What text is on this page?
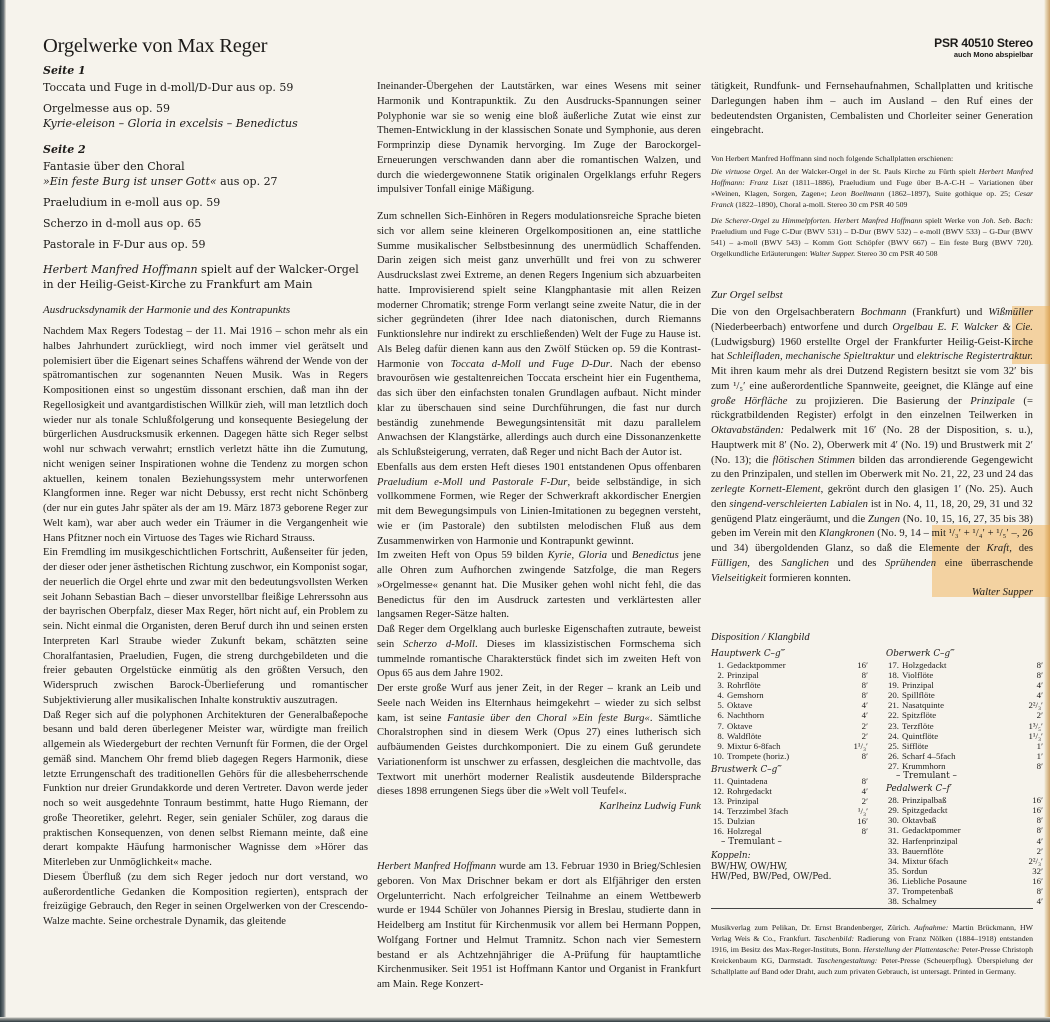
Orgelwerke von Max Reger
Seite 1
Toccata und Fuge in d-moll/D-Dur aus op. 59
Orgelmesse aus op. 59
Kyrie-eleison – Gloria in excelsis – Benedictus
Seite 2
Fantasie über den Choral
»Ein feste Burg ist unser Gott« aus op. 27
Praeludium in e-moll aus op. 59
Scherzo in d-moll aus op. 65
Pastorale in F-Dur aus op. 59
Herbert Manfred Hoffmann spielt auf der Walcker-Orgel in der Heilig-Geist-Kirche zu Frankfurt am Main
Ausdrucksdynamik der Harmonie und des Kontrapunkts

Nachdem Max Regers Todestag – der 11. Mai 1916 – schon mehr als ein halbes Jahrhundert zurückliegt, wird noch immer viel gerätselt und polemisiert über die Eigenart seines Schaffens während der Wende von der spätromantischen zur sogenannten Neuen Musik. Was in Regers Kompositionen einst so ungestüm dissonant erschien, daß man ihn der Regellosigkeit und avantgardistischen Willkür zieh, will man letztlich doch wieder nur als tonale Schlußfolgerung und konsequente Besiegelung der bürgerlichen Ausdrucksmusik erkennen. Dagegen hätte sich Reger selbst wohl nur schwach verwahrt; ernstlich verletzt hätte ihn die Zumutung, nicht wenigen seiner Inspirationen wohne die Tendenz zu morgen schon aktuellen, keinem tonalen Beziehungssystem mehr unterworfenen Klangformen inne. Reger war nicht Debussy, erst recht nicht Schönberg (der nur ein gutes Jahr später als der am 19. März 1873 geborene Reger zur Welt kam), war aber auch weder ein Träumer in die Vergangenheit wie Hans Pfitzner noch ein Virtuose des Tages wie Richard Strauss.

Ein Fremdling im musikgeschichtlichen Fortschritt, Außenseiter für jeden, der dieser oder jener ästhetischen Richtung zuschwor, ein Komponist sogar, der neuerlich die Orgel ehrte und zwar mit den bedeutungsvollsten Werken seit Johann Sebastian Bach – dieser unvorstellbar fleißige Lehrerssohn aus der bayrischen Oberpfalz, dieser Max Reger, hört nicht auf, ein Problem zu sein. Nicht einmal die Organisten, deren Beruf durch ihn und seinen ersten Interpreten Karl Straube wieder Zukunft bekam, schätzten seine Choralfantasien, Praeludien, Fugen, die streng durchgebildeten und die freier gebauten Orgelstücke einmütig als den größten Versuch, den Widerspruch zwischen Barock-Überlieferung und romantischer Subjektivierung aller musikalischen Inhalte konstruktiv auszutragen.

Daß Reger sich auf die polyphonen Architekturen der Generalbaßepoche besann und bald deren überlegener Meister war, würdigte man freilich allgemein als Wiedergeburt der rechten Vernunft für Formen, die der Orgel gemäß sind. Manchem Ohr fremd blieb dagegen Regers Harmonik, diese letzte Errungenschaft des traditionellen Gehörs für die allesbeherrschende Funktion nur dreier Grundakkorde und deren Vertreter. Davon werde jeder noch so weit ausgedehnte Tonraum bestimmt, hatte Hugo Riemann, der große Theoretiker, gelehrt. Reger, sein genialer Schüler, zog daraus die praktischen Konsequenzen, von denen selbst Riemann meinte, daß eine derart kompakte Häufung harmonischer Wagnisse dem »Hörer das Miterleben zur Unmöglichkeit« mache.

Diesem Überfluß (zu dem sich Reger jedoch nur dort verstand, wo außerordentliche Gedanken die Komposition regierten), entsprach der freizügige Gebrauch, den Reger in seinen Orgelwerken von der Crescendo-Walze machte. Seine orchestrale Dynamik, das gleitende

Ineinander-Übergehen der Lautstärken, war eines Wesens mit seiner Harmonik und Kontrapunktik. Zu den Ausdrucks-Spannungen seiner Polyphonie war sie so wenig eine bloß äußerliche Zutat wie einst zur Themen-Entwicklung in der klassischen Sonate und Symphonie, aus deren Formprinzip diese Dynamik hervorging. Im Zuge der Barockorgel-Erneuerungen verschwanden dann aber die romantischen Walzen, und durch die wiedergewonnene Statik originalen Orgelklangs erfuhr Regers impulsiver Tonfall einige Mäßigung.

Zum schnellen Sich-Einhören in Regers modulationsreiche Sprache bieten sich vor allem seine kleineren Orgelkompositionen an, eine stattliche Summe musikalischer Selbstbesinnung des unermüdlich Schaffenden. Darin zeigen sich meist ganz unverhüllt und frei von zu schwerer Ausdruckslast zwei Extreme, an denen Regers Ingenium sich abzuarbeiten hatte. Improvisierend spielt seine Klangphantasie mit allen Reizen moderner Chromatik; strenge Form verlangt seine zweite Natur, die in der sicher gegründeten (ihrer Idee nach diatonischen, durch Riemanns Funktionslehre nur indirekt zu erschließenden) Welt der Fuge zu Hause ist. Als Beleg dafür dienen kann aus den Zwölf Stücken op. 59 die Kontrast-Harmonie von Toccata d-Moll und Fuge D-Dur. Nach der ebenso bravourösen wie gestaltenreichen Toccata erscheint hier ein Fugenthema, das sich über den einfachsten tonalen Grundlagen aufbaut. Nicht minder klar zu überschauen sind seine Durchführungen, die fast nur durch beständig zunehmende Bewegungsintensität mit dazu parallelem Anwachsen der Klangstärke, allerdings auch durch eine Dissonanzenkette als Schlußsteigerung, verraten, daß Reger und nicht Bach der Autor ist.

Ebenfalls aus dem ersten Heft dieses 1901 entstandenen Opus offenbaren Praeludium e-Moll und Pastorale F-Dur, beide selbständige, in sich vollkommene Formen, wie Reger der Schwerkraft akkordischer Energien mit dem Bewegungsimpuls von Linien-Imitationen zu begegnen versteht, wie er (im Pastorale) den subtilsten melodischen Fluß aus dem Zusammenwirken von Harmonie und Kontrapunkt gewinnt.

Im zweiten Heft von Opus 59 bilden Kyrie, Gloria und Benedictus jene alle Ohren zum Aufhorchen zwingende Satzfolge, die man Regers »Orgelmesse« genannt hat. Die Musiker gehen wohl nicht fehl, die das Benedictus für den im Ausdruck zartesten und verklärtesten aller langsamen Reger-Sätze halten.

Daß Reger dem Orgelklang auch burleske Eigenschaften zutraute, beweist sein Scherzo d-Moll. Dieses im klassizistischen Formschema sich tummelnde romantische Charakterstück findet sich im zweiten Heft von Opus 65 aus dem Jahre 1902.

Der erste große Wurf aus jener Zeit, in der Reger – krank an Leib und Seele nach Weiden ins Elternhaus heimgekehrt – wieder zu sich selbst kam, ist seine Fantasie über den Choral »Ein feste Burg«. Sämtliche Choralstrophen sind in diesem Werk (Opus 27) eines lutherisch sich aufbäumenden Geistes durchkomponiert. Die zu einem Guß gerundete Variationenform ist unschwer zu erfassen, desgleichen die machtvolle, das Textwort mit unerhört moderner Realistik ausdeutende Bildersprache dieses 1898 errungenen Siegs über die »Welt voll Teufel«.

Karlheinz Ludwig Funk

Herbert Manfred Hoffmann wurde am 13. Februar 1930 in Brieg/Schlesien geboren. Von Max Drischner bekam er dort als Elfjähriger den ersten Orgelunterricht. Nach erfolgreicher Teilnahme an einem Wettbewerb wurde er 1944 Schüler von Johannes Piersig in Breslau, studierte dann in Heidelberg am Institut für Kirchenmusik vor allem bei Hermann Poppen, Wolfgang Fortner und Helmut Tramnitz. Schon nach vier Semestern bestand er als Achtzehnjähriger die A-Prüfung für hauptamtliche Kirchenmusiker. Seit 1951 ist Hoffmann Kantor und Organist in Frankfurt am Main. Rege Konzert-

PSR 40510 Stereo
auch Mono abspielbar

tätigkeit, Rundfunk- und Fernsehaufnahmen, Schallplatten und kritische Darlegungen haben ihm – auch im Ausland – den Ruf eines der bedeutendsten Organisten, Cembalisten und Chorleiter seiner Generation eingebracht.

Von Herbert Manfred Hoffmann sind noch folgende Schallplatten erschienen:

Die virtuose Orgel. An der Walcker-Orgel in der St. Pauls Kirche zu Fürth spielt Herbert Manfred Hoffmann: Franz Liszt (1811–1886), Praeludium und Fuge über B-A-C-H – Variationen über »Weinen, Klagen, Sorgen, Zagen«; Leon Boellmann (1862–1897), Suite gothique op. 25; Cesar Franck (1822–1890), Choral a-moll. Stereo 30 cm PSR 40 509

Die Scherer-Orgel zu Himmelpforten. Herbert Manfred Hoffmann spielt Werke von Joh. Seb. Bach: Praeludium und Fuge C-Dur (BWV 531) – D-Dur (BWV 532) – e-moll (BWV 533) – G-Dur (BWV 541) – a-moll (BWV 543) – Komm Gott Schöpfer (BWV 667) – Ein feste Burg (BWV 720). Orgelkundliche Erläuterungen: Walter Supper. Stereo 30 cm PSR 40 508

Zur Orgel selbst

Die von den Orgelsachberatern Bochmann (Frankfurt) und Wißmüller (Niederbeerbach) entworfene und durch Orgelbau E. F. Walcker & Cie. (Ludwigsburg) 1960 erstellte Orgel der Frankfurter Heilig-Geist-Kirche hat Schleifladen, mechanische Spieltraktur und elektrische Registertraktur. Mit ihren kaum mehr als drei Dutzend Registern besitzt sie vom 32′ bis zum ¹/₅′ eine außerordentliche Spannweite, geeignet, die Klänge auf eine große Hörfläche zu projizieren. Die Basierung der Prinzipale (= rückgratbildenden Register) erfolgt in den einzelnen Teilwerken in Oktavabständen: Pedalwerk mit 16′ (No. 28 der Disposition, s. u.), Hauptwerk mit 8′ (No. 2), Oberwerk mit 4′ (No. 19) und Brustwerk mit 2′ (No. 13); die flötischen Stimmen bilden das arrondierende Gegengewicht zu den Prinzipalen, und stellen im Oberwerk mit No. 21, 22, 23 und 24 das zerlegte Kornett-Element, gekrönt durch den glasigen 1′ (No. 25). Auch den singend-verschleierten Labialen ist in No. 4, 11, 18, 20, 29, 31 und 32 genügend Platz eingeräumt, und die Zungen (No. 10, 15, 16, 27, 35 bis 38) geben im Verein mit den Klangkronen (No. 9, 14 – mit ¹/₃′ + ¹/₄′ + ¹/₅′ –, 26 und 34) übergoldenden Glanz, so daß die Elemente der Kraft, des Fülligen, des Sanglichen und des Sprühenden eine überraschende Vielseitigkeit formieren konnten.

Walter Supper

Disposition / Klangbild
Hauptwerk C–g‴
1.	Gedacktpommer	16′
2.	Prinzipal	8′
3.	Rohrflöte	8′
4.	Gemshorn	8′
5.	Oktave	4′
6.	Nachthorn	4′
7.	Oktave	2′
8.	Waldflöte	2′
9.	Mixtur 6-8fach	1¹/₃′
10.	Trompete (horiz.)	8′
Brustwerk C–g‴
11.	Quintadena	8′
12.	Rohrgedackt	4′
13.	Prinzipal	2′
14.	Terzzimbel 3fach	¹/₃′
15.	Dulzian	16′
16.	Holzregal	8′
– Tremulant –
Koppeln:
BW/HW, OW/HW,
HW/Ped, BW/Ped, OW/Ped.
Oberwerk C–g‴
17.	Holzgedackt	8′
18.	Violflöte	8′
19.	Prinzipal	4′
20.	Spillflöte	4′
21.	Nasatquinte	2²/₃′
22.	Spitzflöte	2′
23.	Terzflöte	1³/₅′
24.	Quintflöte	1¹/₃′
25.	Sifflöte	1′
26.	Scharf 4–5fach	1′
27.	Krummhorn	8′
– Tremulant –
Pedalwerk C–f′
28.	Prinzipalbaß	16′
29.	Spitzgedackt	16′
30.	Oktavbaß	8′
31.	Gedacktpommer	8′
32.	Harfenprinzipal	4′
33.	Bauernflöte	2′
34.	Mixtur 6fach	2²/₃′
35.	Sordun	32′
36.	Liebliche Posaune	16′
37.	Trompetenbaß	8′
38.	Schalmey	4′

Musikverlag zum Pelikan, Dr. Ernst Brandenberger, Zürich. Aufnahme: Martin Brückmann, HW Verlag Weis & Co., Frankfurt. Taschenbild: Radierung von Franz Nölken (1884–1918) entstanden 1916, im Besitz des Max-Reger-Instituts, Bonn. Herstellung der Plattentasche: Peter-Presse Christoph Kreickenbaum KG, Darmstadt. Taschengestaltung: Peter-Presse (Scheuerpflug). Überspielung der Schallplatte auf Band oder Draht, auch zum privaten Gebrauch, ist untersagt. Printed in Germany.
